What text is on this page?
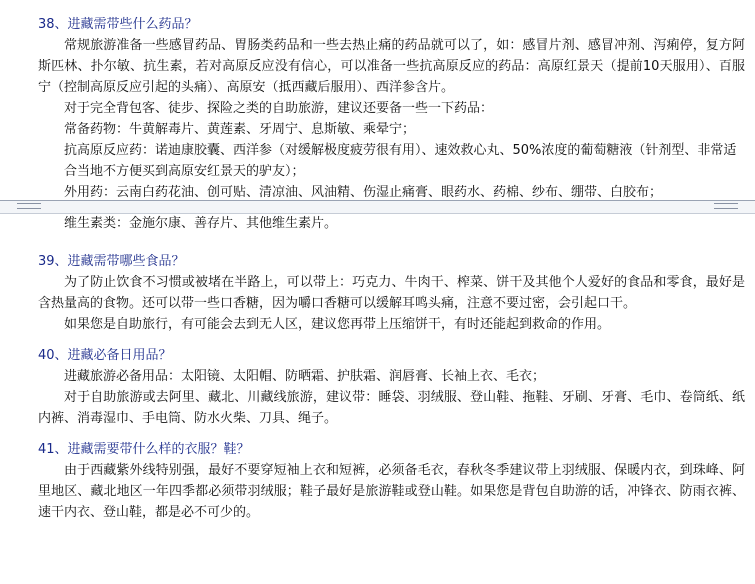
38、进藏需带些什么药品？

常规旅游准备一些感冒药品、胃肠类药品和一些去热止痛的药品就可以了，如：感冒片剂、感冒冲剂、泻痢停，复方阿斯匹林、扑尔敏、抗生素，若对高原反应没有信心，可以准备一些抗高原反应的药品：高原红景天（提前10天服用）、百服宁（控制高原反应引起的头痛）、高原安（抵西藏后服用）、西洋参含片。

对于完全背包客、徒步、探险之类的自助旅游，建议还要备一些一下药品：

常备药物：牛黄解毒片、黄莲素、牙周宁、息斯敏、乘晕宁；

抗高原反应药：诺迪康胶囊、西洋参（对缓解极度疲劳很有用）、速效救心丸、50%浓度的葡萄糖液（针剂型、非常适合当地不方便买到高原安红景天的驴友）；

外用药：云南白药花油、创可贴、清凉油、风油精、伤湿止痛膏、眼药水、药棉、纱布、绷带、白胶布；

维生素类：金施尔康、善存片、其他维生素片。

39、进藏需带哪些食品？

为了防止饮食不习惯或被堵在半路上，可以带上：巧克力、牛肉干、榨菜、饼干及其他个人爱好的食品和零食，最好是含热量高的食物。还可以带一些口香糖，因为嚼口香糖可以缓解耳鸣头痛，注意不要过密，会引起口干。

如果您是自助旅行，有可能会去到无人区，建议您再带上压缩饼干，有时还能起到救命的作用。

40、进藏必备日用品？

进藏旅游必备用品：太阳镜、太阳帽、防晒霜、护肤霜、润唇膏、长袖上衣、毛衣；

对于自助旅游或去阿里、藏北、川藏线旅游，建议带：睡袋、羽绒服、登山鞋、拖鞋、牙刷、牙膏、毛巾、卷筒纸、纸内裤、消毒湿巾、手电筒、防水火柴、刀具、绳子。

41、进藏需要带什么样的衣服？鞋？

由于西藏紫外线特别强，最好不要穿短袖上衣和短裤，必须备毛衣，春秋冬季建议带上羽绒服、保暖内衣，到珠峰、阿里地区、藏北地区一年四季都必须带羽绒服；鞋子最好是旅游鞋或登山鞋。如果您是背包自助游的话，冲锋衣、防雨衣裤、速干内衣、登山鞋，都是必不可少的。
